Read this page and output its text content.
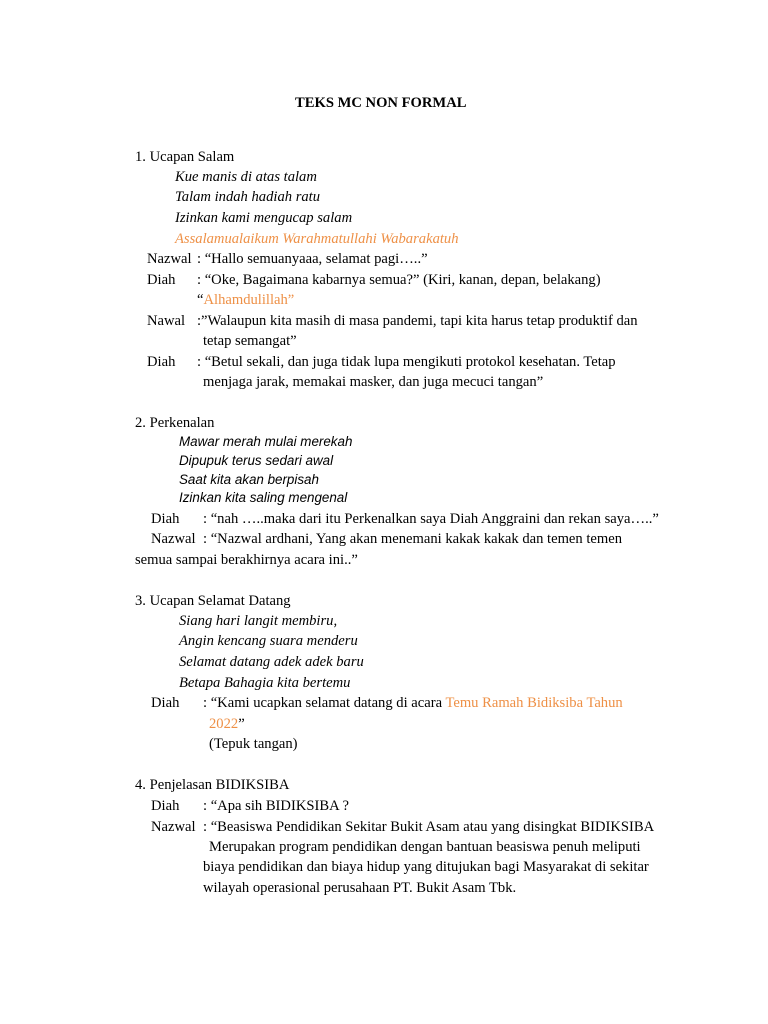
TEKS MC NON FORMAL
1. Ucapan Salam
Kue manis di atas talam
Talam indah hadiah ratu
Izinkan kami mengucap salam
Assalamualaikum Warahmatullahi Wabarakatuh
Nazwal : “Hallo semuanyaaa, selamat pagi…..”
Diah : “Oke, Bagaimana kabarnya semua?” (Kiri, kanan, depan, belakang)
“Alhamdulillah”
Nawal :”Walaupun kita masih di masa pandemi, tapi kita harus tetap produktif dan
tetap semangat”
Diah : “Betul sekali, dan juga tidak lupa mengikuti protokol kesehatan. Tetap
menjaga jarak, memakai masker, dan juga mecuci tangan”
2. Perkenalan
Mawar merah mulai merekah
Dipupuk terus sedari awal
Saat kita akan berpisah
Izinkan kita saling mengenal
Diah : “nah …..maka dari itu Perkenalkan saya Diah Anggraini dan rekan saya…..”
Nazwal : “Nazwal ardhani, Yang akan menemani kakak kakak dan temen temen
semua sampai berakhirnya acara ini..”
3. Ucapan Selamat Datang
Siang hari langit membiru,
Angin kencang suara menderu
Selamat datang adek adek baru
Betapa Bahagia kita bertemu
Diah : “Kami ucapkan selamat datang di acara Temu Ramah Bidiksiba Tahun
2022”
(Tepuk tangan)
4. Penjelasan BIDIKSIBA
Diah : “Apa sih BIDIKSIBA ?
Nazwal : “Beasiswa Pendidikan Sekitar Bukit Asam atau yang disingkat BIDIKSIBA
Merupakan program pendidikan dengan bantuan beasiswa penuh meliputi
biaya pendidikan dan biaya hidup yang ditujukan bagi Masyarakat di sekitar
wilayah operasional perusahaan PT. Bukit Asam Tbk.
